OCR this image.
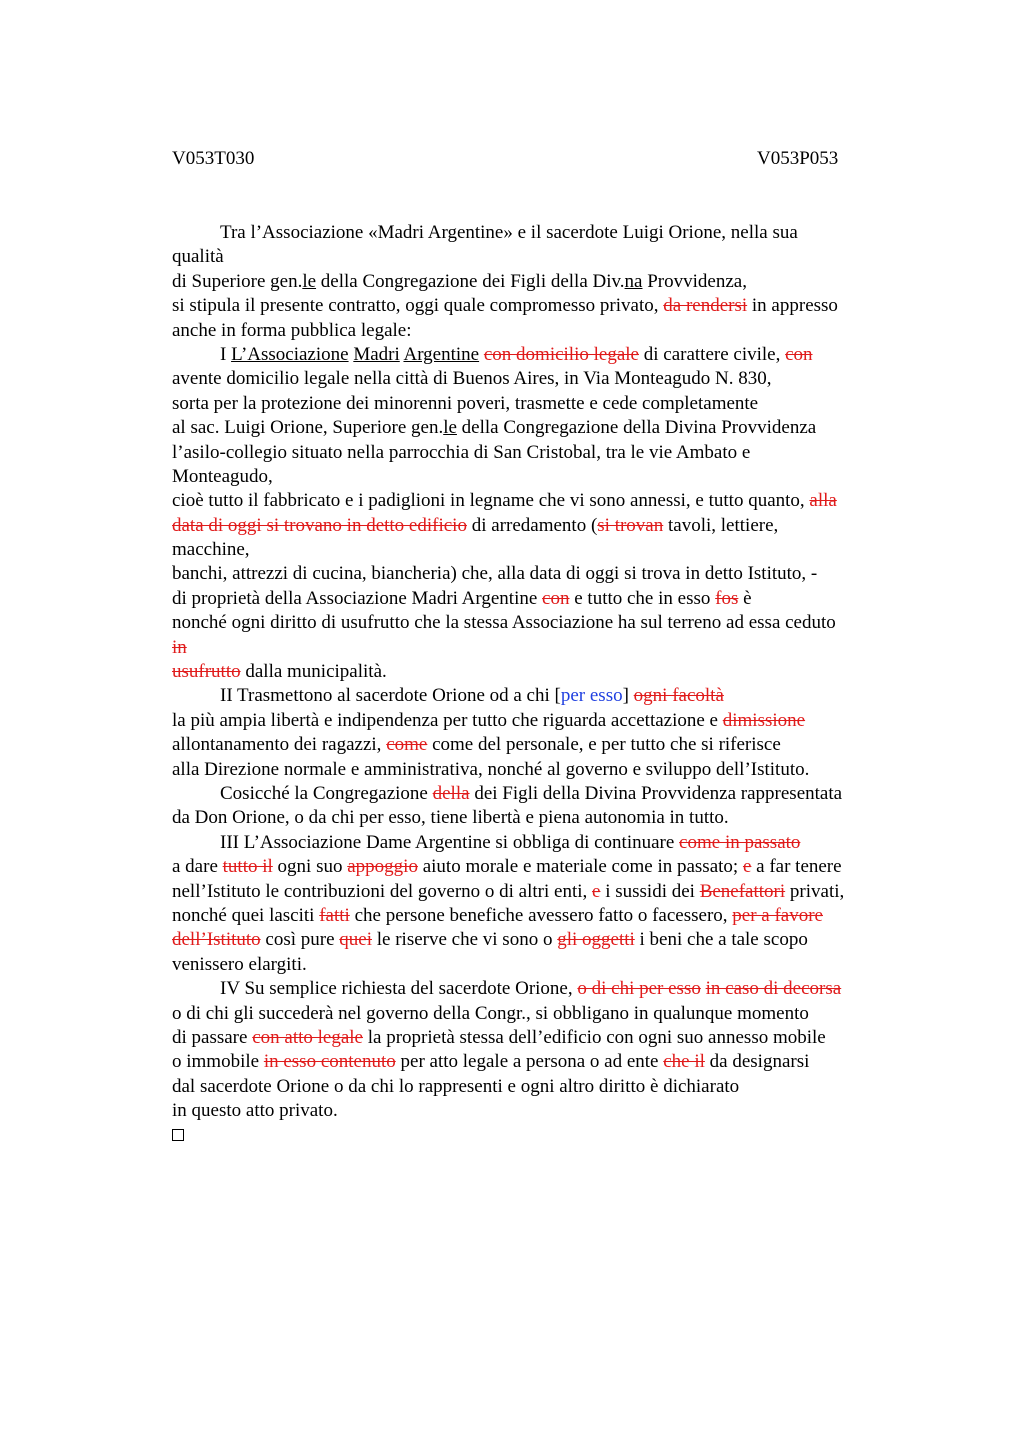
V053T030	V053P053
Tra l’Associazione «Madri Argentine» e il sacerdote Luigi Orione, nella sua
qualità
di Superiore gen.le della Congregazione dei Figli della Div.na Provvidenza,
si stipula il presente contratto, oggi quale compromesso privato, da rendersi in appresso
anche in forma pubblica legale:
I L’Associazione Madri Argentine con domicilio legale di carattere civile, con
avente domicilio legale nella città di Buenos Aires, in Via Monteagudo N. 830,
sorta per la protezione dei minorenni poveri, trasmette e cede completamente
al sac. Luigi Orione, Superiore gen.le della Congregazione della Divina Provvidenza
l’asilo-collegio situato nella parrocchia di San Cristobal, tra le vie Ambato e
Monteagudo,
cioè tutto il fabbricato e i padiglioni in legname che vi sono annessi, e tutto quanto, alla
data di oggi si trovano in detto edificio di arredamento (si trovan tavoli, lettiere,
macchine,
banchi, attrezzi di cucina, biancheria) che, alla data di oggi si trova in detto Istituto, -
di proprietà della Associazione Madri Argentine con e tutto che in esso fos è
nonché ogni diritto di usufrutto che la stessa Associazione ha sul terreno ad essa ceduto
in
usufrutto dalla municipalità.
II Trasmettono al sacerdote Orione od a chi [per esso] ogni facoltà
la più ampia libertà e indipendenza per tutto che riguarda accettazione e dimissione
allontanamento dei ragazzi, come come del personale, e per tutto che si riferisce
alla Direzione normale e amministrativa, nonché al governo e sviluppo dell’Istituto.
Cosicché la Congregazione della dei Figli della Divina Provvidenza rappresentata
da Don Orione, o da chi per esso, tiene libertà e piena autonomia in tutto.
III L’Associazione Dame Argentine si obbliga di continuare come in passato
a dare tutto il ogni suo appoggio aiuto morale e materiale come in passato; e a far tenere
nell’Istituto le contribuzioni del governo o di altri enti, e i sussidi dei Benefattori privati,
nonché quei lasciti fatti che persone benefiche avessero fatto o facessero, per a favore
dell’Istituto così pure quei le riserve che vi sono o gli oggetti i beni che a tale scopo
venissero elargiti.
IV Su semplice richiesta del sacerdote Orione, o di chi per esso in caso di decorsa
o di chi gli succederà nel governo della Congr., si obbligano in qualunque momento
di passare con atto legale la proprietà stessa dell’edificio con ogni suo annesso mobile
o immobile in esso contenuto per atto legale a persona o ad ente che il da designarsi
dal sacerdote Orione o da chi lo rappresenti e ogni altro diritto è dichiarato
in questo atto privato.
